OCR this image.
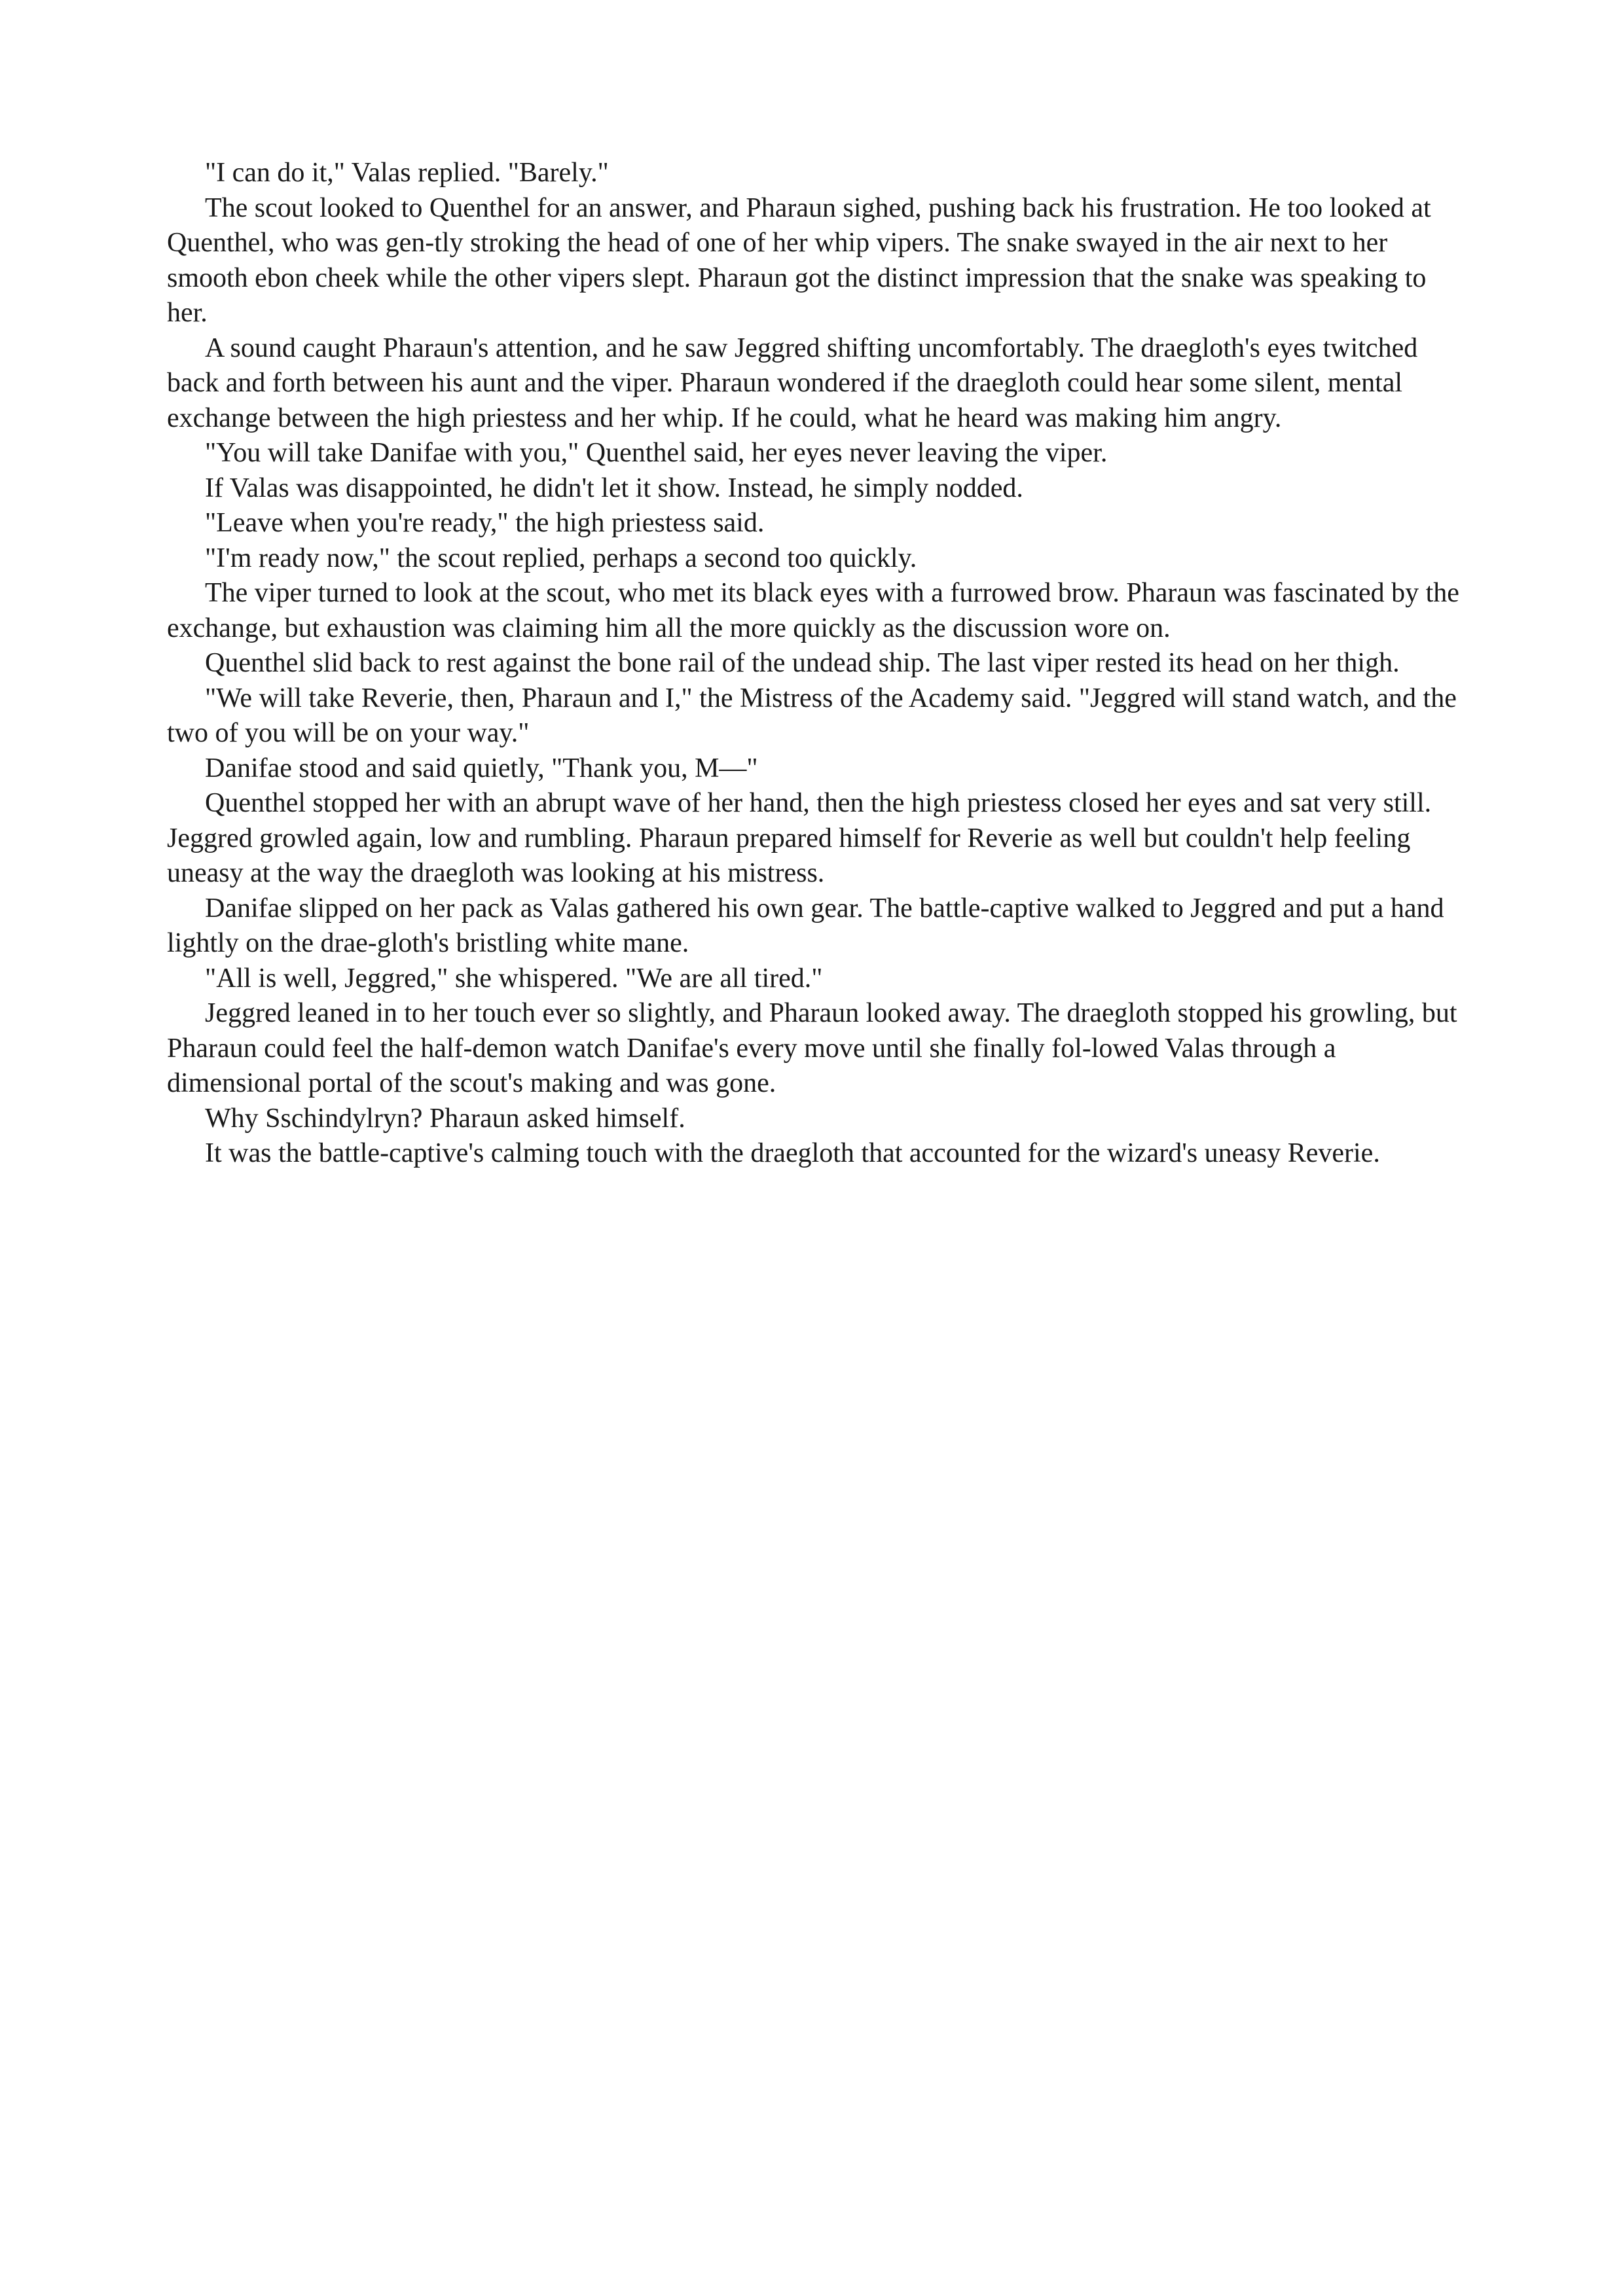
"I can do it," Valas replied. "Barely."

The scout looked to Quenthel for an answer, and Pharaun sighed, pushing back his frustration. He too looked at Quenthel, who was gen-tly stroking the head of one of her whip vipers. The snake swayed in the air next to her smooth ebon cheek while the other vipers slept. Pharaun got the distinct impression that the snake was speaking to her.

A sound caught Pharaun's attention, and he saw Jeggred shifting uncomfortably. The draegloth's eyes twitched back and forth between his aunt and the viper. Pharaun wondered if the draegloth could hear some silent, mental exchange between the high priestess and her whip. If he could, what he heard was making him angry.

"You will take Danifae with you," Quenthel said, her eyes never leaving the viper.

If Valas was disappointed, he didn't let it show. Instead, he simply nodded.

"Leave when you're ready," the high priestess said.

"I'm ready now," the scout replied, perhaps a second too quickly.

The viper turned to look at the scout, who met its black eyes with a furrowed brow. Pharaun was fascinated by the exchange, but exhaustion was claiming him all the more quickly as the discussion wore on.

Quenthel slid back to rest against the bone rail of the undead ship. The last viper rested its head on her thigh.

"We will take Reverie, then, Pharaun and I," the Mistress of the Academy said. "Jeggred will stand watch, and the two of you will be on your way."

Danifae stood and said quietly, "Thank you, M—"

Quenthel stopped her with an abrupt wave of her hand, then the high priestess closed her eyes and sat very still. Jeggred growled again, low and rumbling. Pharaun prepared himself for Reverie as well but couldn't help feeling uneasy at the way the draegloth was looking at his mistress.

Danifae slipped on her pack as Valas gathered his own gear. The battle-captive walked to Jeggred and put a hand lightly on the drae-gloth's bristling white mane.

"All is well, Jeggred," she whispered. "We are all tired."

Jeggred leaned in to her touch ever so slightly, and Pharaun looked away. The draegloth stopped his growling, but Pharaun could feel the half-demon watch Danifae's every move until she finally fol-lowed Valas through a dimensional portal of the scout's making and was gone.

Why Sschindylryn? Pharaun asked himself.

It was the battle-captive's calming touch with the draegloth that accounted for the wizard's uneasy Reverie.
